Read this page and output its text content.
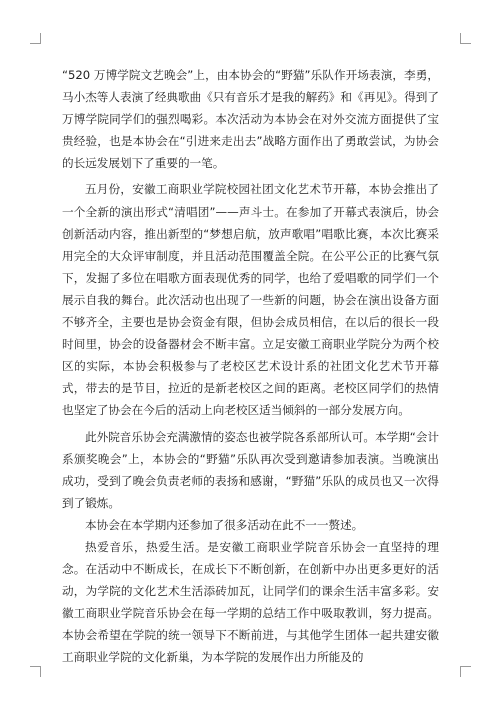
“520 万博学院文艺晚会”上，由本协会的“野猫”乐队作开场表演，李勇，马小杰等人表演了经典歌曲《只有音乐才是我的解药》和《再见》。得到了万博学院同学们的强烈喝彩。本次活动为本协会在对外交流方面提供了宝贵经验，也是本协会在“引进来走出去”战略方面作出了勇敢尝试，为协会的长远发展划下了重要的一笔。

五月份，安徽工商职业学院校园社团文化艺术节开幕，本协会推出了一个全新的演出形式“清唱团”——声斗士。在参加了开幕式表演后，协会创新活动内容，推出新型的“梦想启航，放声歌唱”唱歌比赛，本次比赛采用完全的大众评审制度，并且活动范围覆盖全院。在公平公正的比赛气氛下，发掘了多位在唱歌方面表现优秀的同学，也给了爱唱歌的同学们一个展示自我的舞台。此次活动也出现了一些新的问题，协会在演出设备方面不够齐全，主要也是协会资金有限，但协会成员相信，在以后的很长一段时间里，协会的设备器材会不断丰富。立足安徽工商职业学院分为两个校区的实际，本协会积极参与了老校区艺术设计系的社团文化艺术节开幕式，带去的是节目，拉近的是新老校区之间的距离。老校区同学们的热情也坚定了协会在今后的活动上向老校区适当倾斜的一部分发展方向。

此外院音乐协会充满激情的姿态也被学院各系部所认可。本学期“会计系颁奖晚会”上，本协会的“野猫”乐队再次受到邀请参加表演。当晚演出成功，受到了晚会负责老师的表扬和感谢，“野猫”乐队的成员也又一次得到了锻炼。

本协会在本学期内还参加了很多活动在此不一一赘述。

热爱音乐，热爱生活。是安徽工商职业学院音乐协会一直坚持的理念。在活动中不断成长，在成长下不断创新，在创新中办出更多更好的活动，为学院的文化艺术生活添砖加瓦，让同学们的课余生活丰富多彩。安徽工商职业学院音乐协会在每一学期的总结工作中吸取教训，努力提高。本协会希望在学院的统一领导下不断前进，与其他学生团体一起共建安徽工商职业学院的文化新巢，为本学院的发展作出力所能及的
